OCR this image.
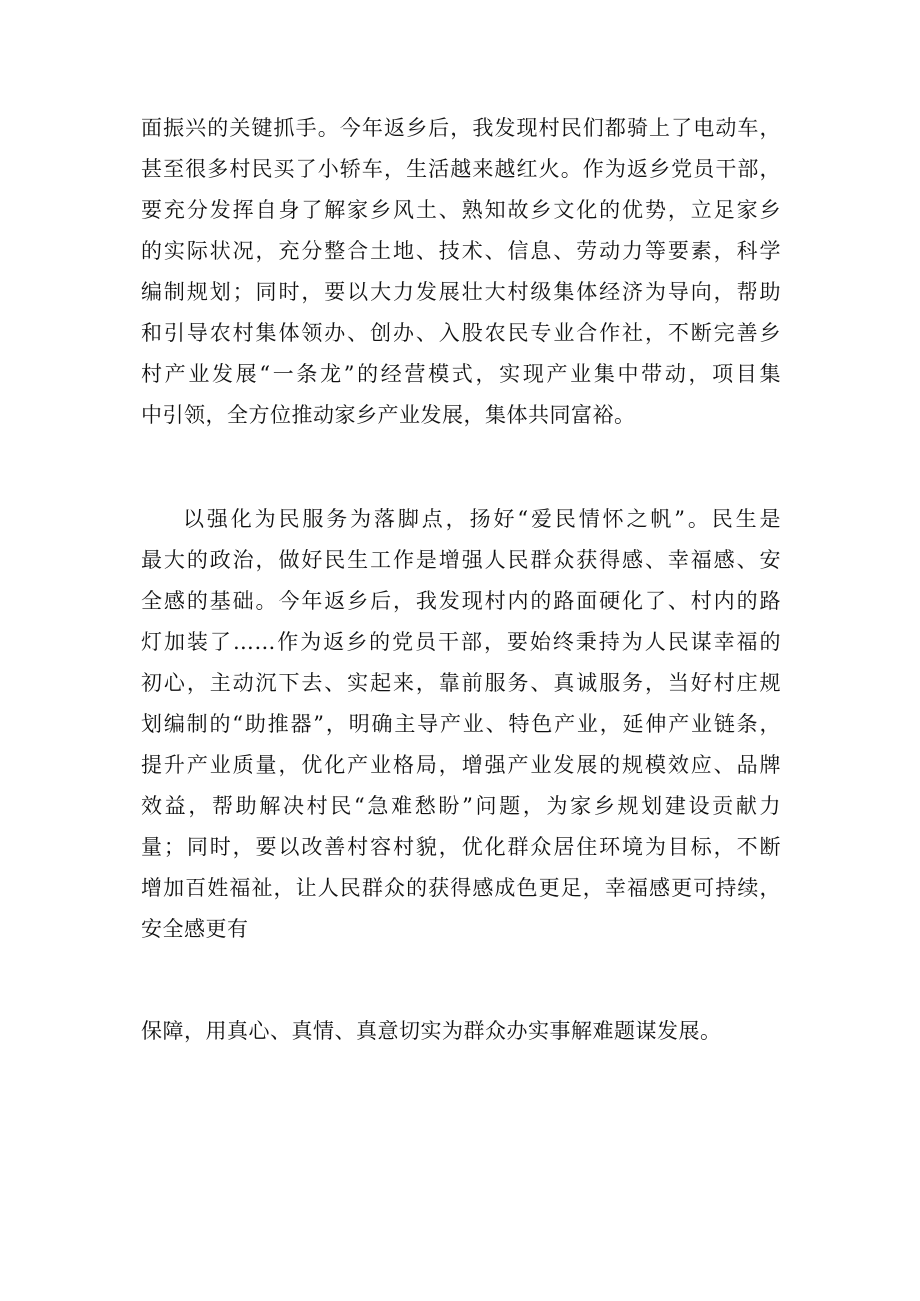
面振兴的关键抓手。今年返乡后，我发现村民们都骑上了电动车，
甚至很多村民买了小轿车，生活越来越红火。作为返乡党员干部，
要充分发挥自身了解家乡风土、熟知故乡文化的优势，立足家乡
的实际状况，充分整合土地、技术、信息、劳动力等要素，科学
编制规划；同时，要以大力发展壮大村级集体经济为导向，帮助
和引导农村集体领办、创办、入股农民专业合作社，不断完善乡
村产业发展“一条龙”的经营模式，实现产业集中带动，项目集
中引领，全方位推动家乡产业发展，集体共同富裕。
以强化为民服务为落脚点，扬好“爱民情怀之帆”。民生是
最大的政治，做好民生工作是增强人民群众获得感、幸福感、安
全感的基础。今年返乡后，我发现村内的路面硬化了、村内的路
灯加装了……作为返乡的党员干部，要始终秉持为人民谋幸福的
初心，主动沉下去、实起来，靠前服务、真诚服务，当好村庄规
划编制的“助推器”，明确主导产业、特色产业，延伸产业链条，
提升产业质量，优化产业格局，增强产业发展的规模效应、品牌
效益，帮助解决村民“急难愁盼”问题，为家乡规划建设贡献力
量；同时，要以改善村容村貌，优化群众居住环境为目标，不断
增加百姓福祉，让人民群众的获得感成色更足，幸福感更可持续，
安全感更有
保障，用真心、真情、真意切实为群众办实事解难题谋发展。
